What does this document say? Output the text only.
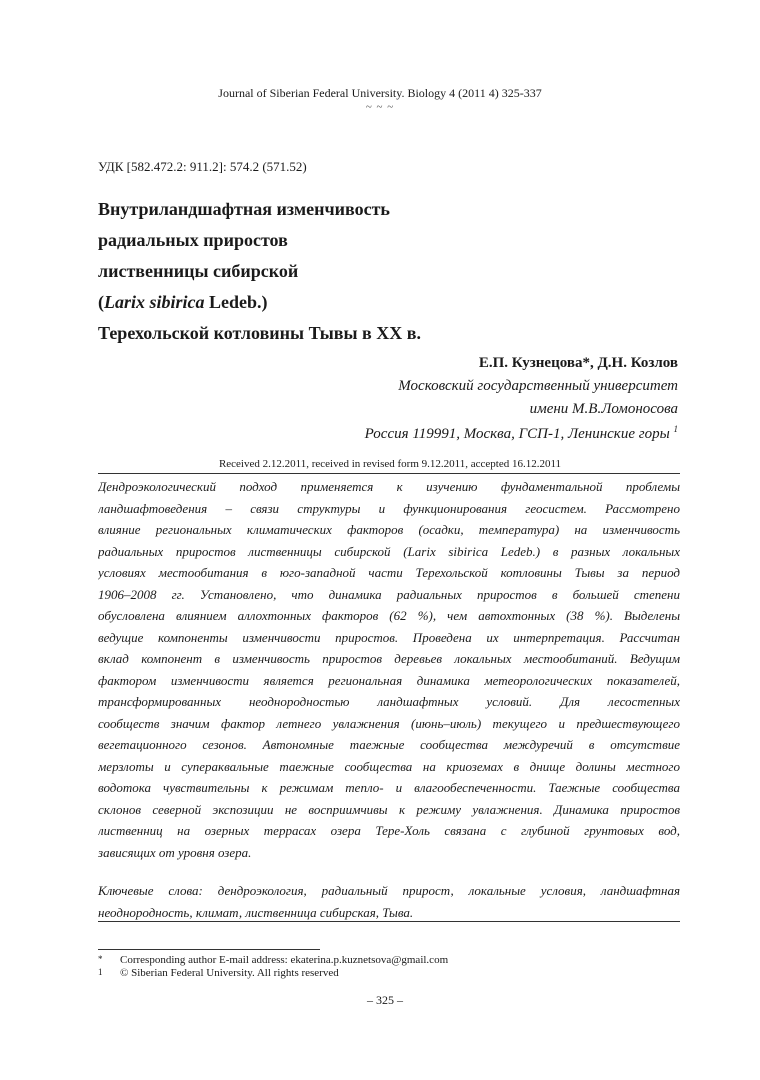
Journal of Siberian Federal University. Biology 4 (2011 4) 325-337
~ ~ ~
УДК [582.472.2: 911.2]: 574.2 (571.52)
Внутриландшафтная изменчивость
радиальных приростов
лиственницы сибирской
(Larix sibirica Ledeb.)
Терехольской котловины Тывы в XX в.
Е.П. Кузнецова*, Д.Н. Козлов
Московский государственный университет
имени М.В.Ломоносова
Россия 119991, Москва, ГСП-1, Ленинские горы $^1$
Received 2.12.2011, received in revised form 9.12.2011, accepted 16.12.2011
Дендроэкологический подход применяется к изучению фундаментальной проблемы
ландшафтоведения – связи структуры и функционирования геосистем. Рассмотрено
влияние региональных климатических факторов (осадки, температура) на изменчивость
радиальных приростов лиственницы сибирской (Larix sibirica Ledeb.) в разных локальных
условиях местообитания в юго-западной части Терехольской котловины Тывы за период
1906–2008 гг. Установлено, что динамика радиальных приростов в большей степени
обусловлена влиянием аллохтонных факторов (62 %), чем автохтонных (38 %). Выделены
ведущие компоненты изменчивости приростов. Проведена их интерпретация. Рассчитан
вклад компонент в изменчивость приростов деревьев локальных местообитаний. Ведущим
фактором изменчивости является региональная динамика метеорологических показателей,
трансформированных неоднородностью ландшафтных условий. Для лесостепных
сообществ значим фактор летнего увлажнения (июнь–июль) текущего и предшествующего
вегетационного сезонов. Автономные таежные сообщества междуречий в отсутствие
мерзлоты и супераквальные таежные сообщества на криоземах в днище долины местного
водотока чувствительны к режимам тепло- и влагообеспеченности. Таежные сообщества
склонов северной экспозиции не восприимчивы к режиму увлажнения. Динамика приростов
лиственниц на озерных террасах озера Тере-Холь связана с глубиной грунтовых вод,
зависящих от уровня озера.
Ключевые слова: дендроэкология, радиальный прирост, локальные условия, ландшафтная
неоднородность, климат, лиственница сибирская, Тыва.
* Corresponding author E-mail address: ekaterina.p.kuznetsova@gmail.com
1 © Siberian Federal University. All rights reserved
– 325 –
